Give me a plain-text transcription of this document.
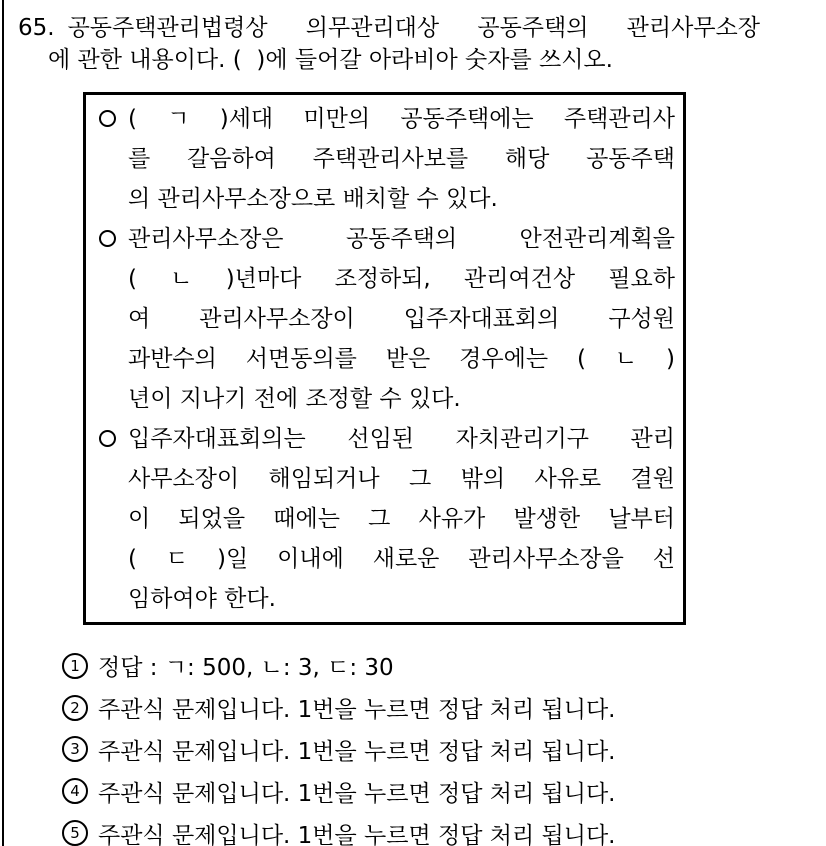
65. 공동주택관리법령상 의무관리대상 공동주택의 관리사무소장
에 관한 내용이다. (  )에 들어갈 아라비아 숫자를 쓰시오.
( ㄱ )세대 미만의 공동주택에는 주택관리사
를 갈음하여 주택관리사보를 해당 공동주택
의 관리사무소장으로 배치할 수 있다.
관리사무소장은 공동주택의 안전관리계획을
( ㄴ )년마다 조정하되, 관리여건상 필요하
여 관리사무소장이 입주자대표회의 구성원
과반수의 서면동의를 받은 경우에는 ( ㄴ )
년이 지나기 전에 조정할 수 있다.
입주자대표회의는 선임된 자치관리기구 관리
사무소장이 해임되거나 그 밖의 사유로 결원
이 되었을 때에는 그 사유가 발생한 날부터
( ㄷ )일 이내에 새로운 관리사무소장을 선
임하여야 한다.
1 정답 : ㄱ: 500, ㄴ: 3, ㄷ: 30
2 주관식 문제입니다. 1번을 누르면 정답 처리 됩니다.
3 주관식 문제입니다. 1번을 누르면 정답 처리 됩니다.
4 주관식 문제입니다. 1번을 누르면 정답 처리 됩니다.
5 주관식 문제입니다. 1번을 누르면 정답 처리 됩니다.
